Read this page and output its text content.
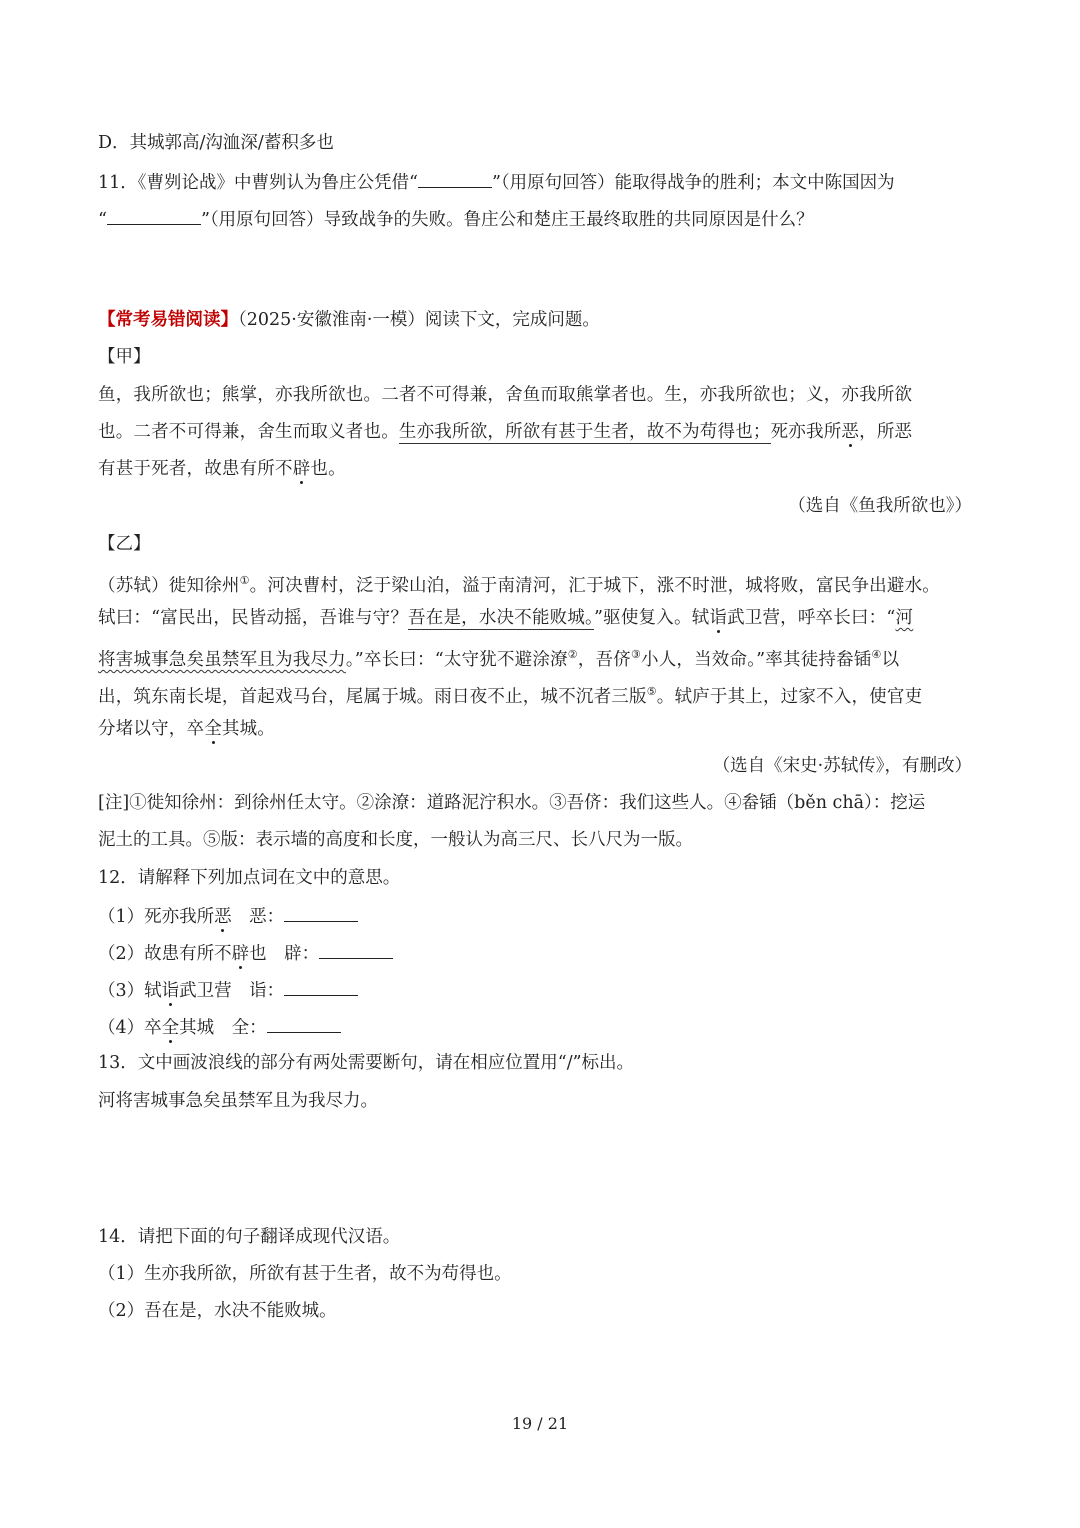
D．其城郭高/沟洫深/蓄积多也
11．《曹刿论战》中曹刿认为鲁庄公凭借“	”（用原句回答）能取得战争的胜利；本文中陈国因为
“	”（用原句回答）导致战争的失败。鲁庄公和楚庄王最终取胜的共同原因是什么？
【常考易错阅读】（2025·安徽淮南·一模）阅读下文，完成问题。
【甲】
鱼，我所欲也；熊掌，亦我所欲也。二者不可得兼，舍鱼而取熊掌者也。生，亦我所欲也；义，亦我所欲
也。二者不可得兼，舍生而取义者也。生亦我所欲，所欲有甚于生者，故不为苟得也；死亦我所恶，所恶
有甚于死者，故患有所不辟也。
（选自《鱼我所欲也》）
【乙】
（苏轼）徙知徐州①。河决曹村，泛于梁山泊，溢于南清河，汇于城下，涨不时泄，城将败，富民争出避水。
轼曰：“富民出，民皆动摇，吾谁与守？吾在是，水决不能败城。”驱使复入。轼诣武卫营，呼卒长曰：“河
将害城事急矣虽禁军且为我尽力。”卒长曰：“太守犹不避涂潦②，吾侪③小人，当效命。”率其徒持畚锸④以
出，筑东南长堤，首起戏马台，尾属于城。雨日夜不止，城不沉者三版⑤。轼庐于其上，过家不入，使官吏
分堵以守，卒全其城。
（选自《宋史·苏轼传》，有删改）
[注]①徙知徐州：到徐州任太守。②涂潦：道路泥泞积水。③吾侪：我们这些人。④畚锸（běn chā）：挖运
泥土的工具。⑤版：表示墙的高度和长度，一般认为高三尺、长八尺为一版。
12．请解释下列加点词在文中的意思。
（1）死亦我所恶　恶：
（2）故患有所不辟也　辟：
（3）轼诣武卫营　诣：
（4）卒全其城　全：
13．文中画波浪线的部分有两处需要断句，请在相应位置用“/”标出。
河将害城事急矣虽禁军且为我尽力。
14．请把下面的句子翻译成现代汉语。
（1）生亦我所欲，所欲有甚于生者，故不为苟得也。
（2）吾在是，水决不能败城。
19 / 21
